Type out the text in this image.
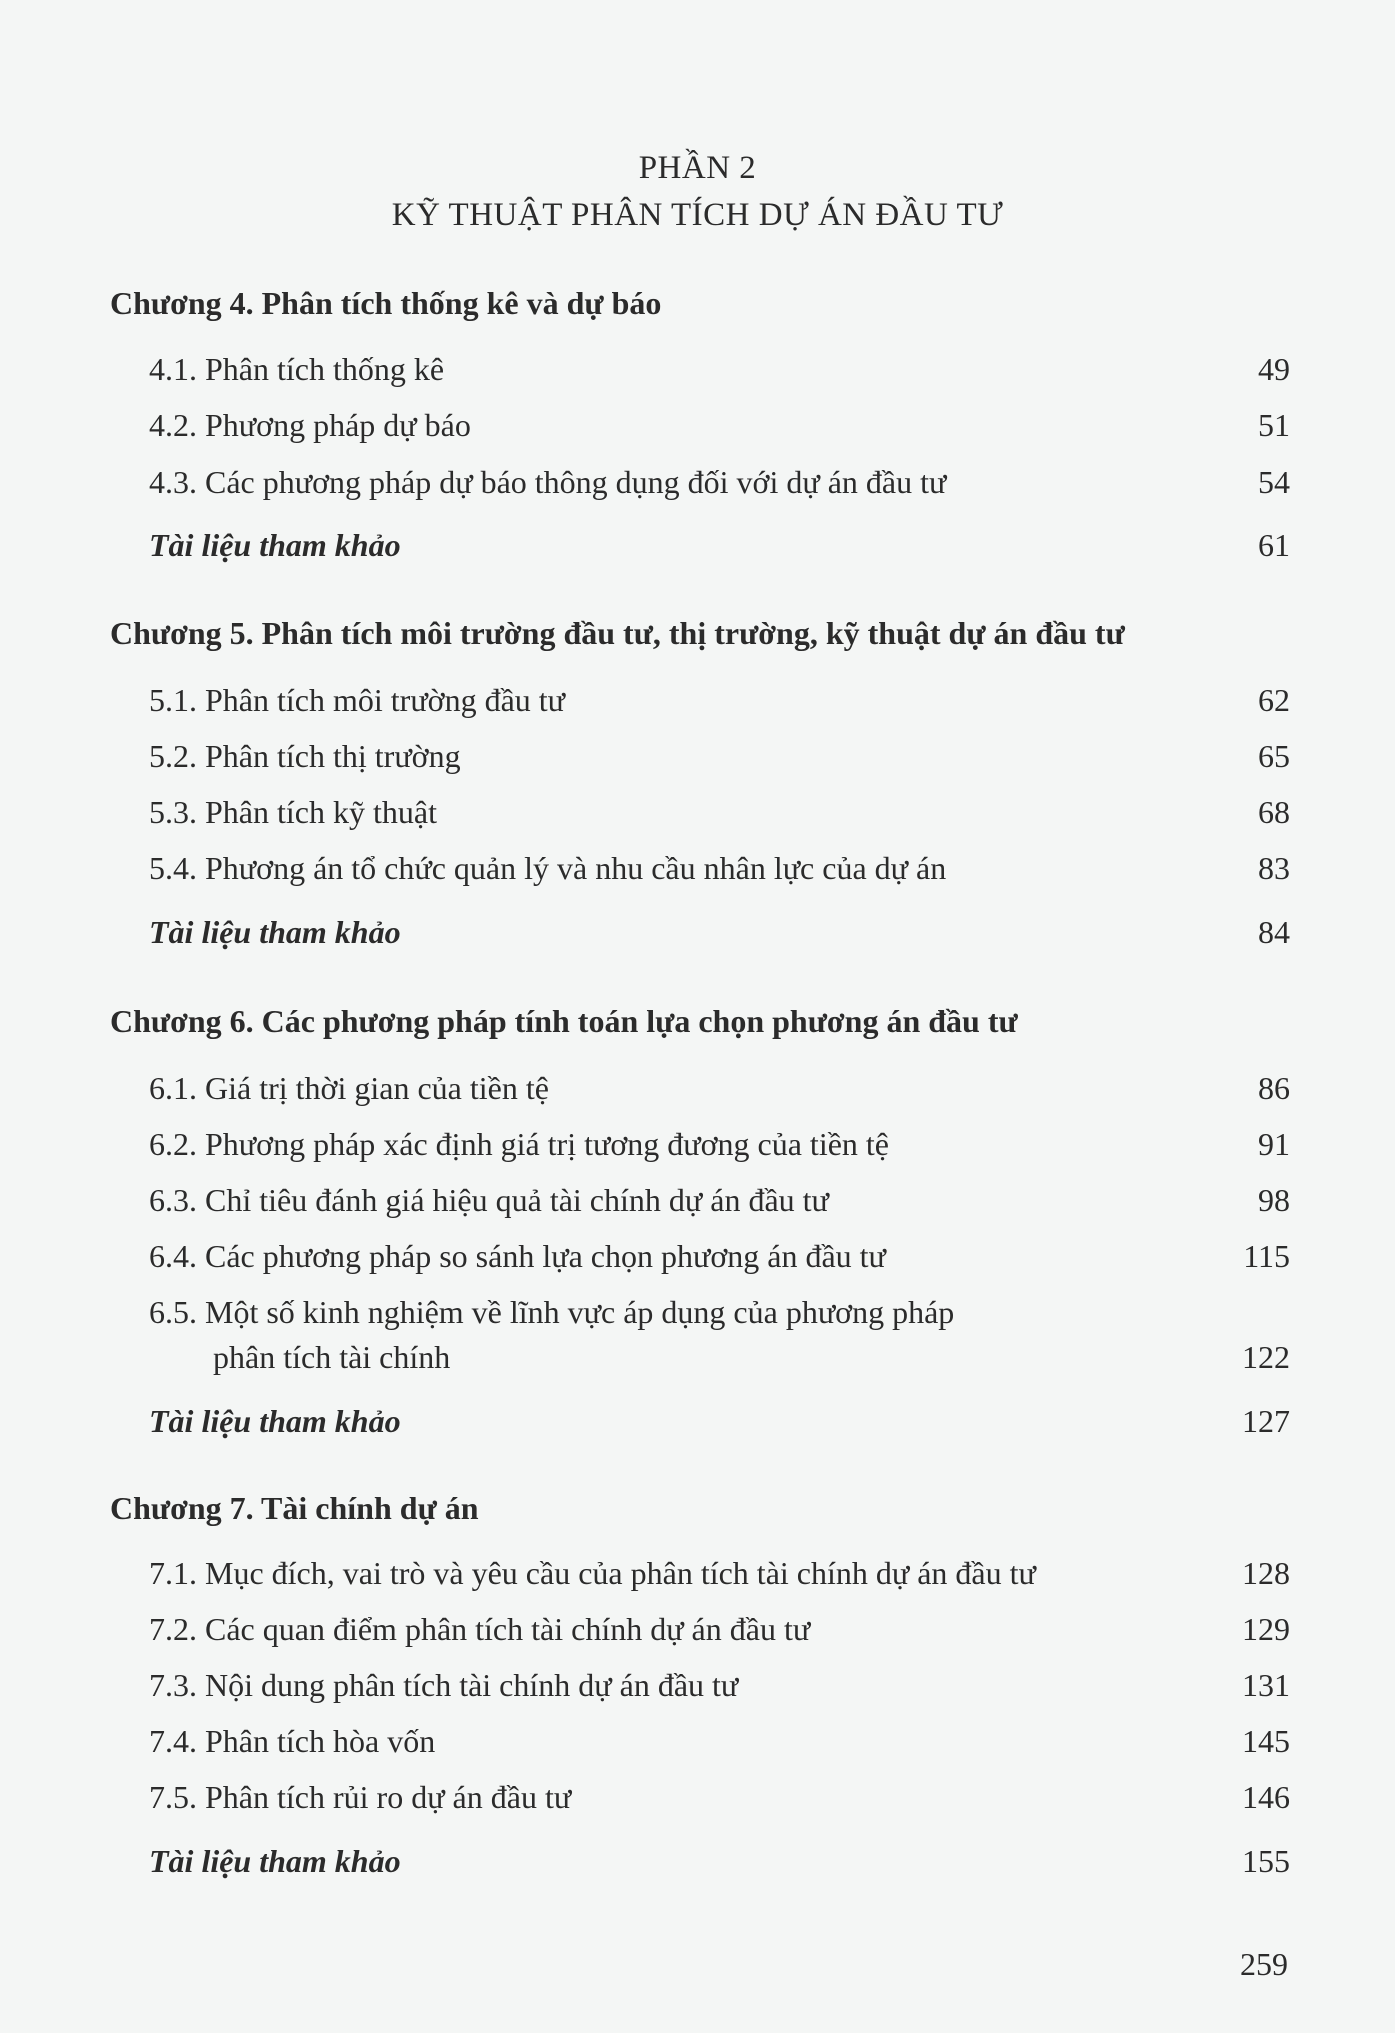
PHẦN 2
KỸ THUẬT PHÂN TÍCH DỰ ÁN ĐẦU TƯ
Chương 4. Phân tích thống kê và dự báo
4.1. Phân tích thống kê	49
4.2. Phương pháp dự báo	51
4.3. Các phương pháp dự báo thông dụng đối với dự án đầu tư	54
Tài liệu tham khảo	61
Chương 5. Phân tích môi trường đầu tư, thị trường, kỹ thuật dự án đầu tư
5.1. Phân tích môi trường đầu tư	62
5.2. Phân tích thị trường	65
5.3. Phân tích kỹ thuật	68
5.4. Phương án tổ chức quản lý và nhu cầu nhân lực của dự án	83
Tài liệu tham khảo	84
Chương 6. Các phương pháp tính toán lựa chọn phương án đầu tư
6.1. Giá trị thời gian của tiền tệ	86
6.2. Phương pháp xác định giá trị tương đương của tiền tệ	91
6.3. Chỉ tiêu đánh giá hiệu quả tài chính dự án đầu tư	98
6.4. Các phương pháp so sánh lựa chọn phương án đầu tư	115
6.5. Một số kinh nghiệm về lĩnh vực áp dụng của phương pháp
phân tích tài chính	122
Tài liệu tham khảo	127
Chương 7. Tài chính dự án
7.1. Mục đích, vai trò và yêu cầu của phân tích tài chính dự án đầu tư	128
7.2. Các quan điểm phân tích tài chính dự án đầu tư	129
7.3. Nội dung phân tích tài chính dự án đầu tư	131
7.4. Phân tích hòa vốn	145
7.5. Phân tích rủi ro dự án đầu tư	146
Tài liệu tham khảo	155
259
